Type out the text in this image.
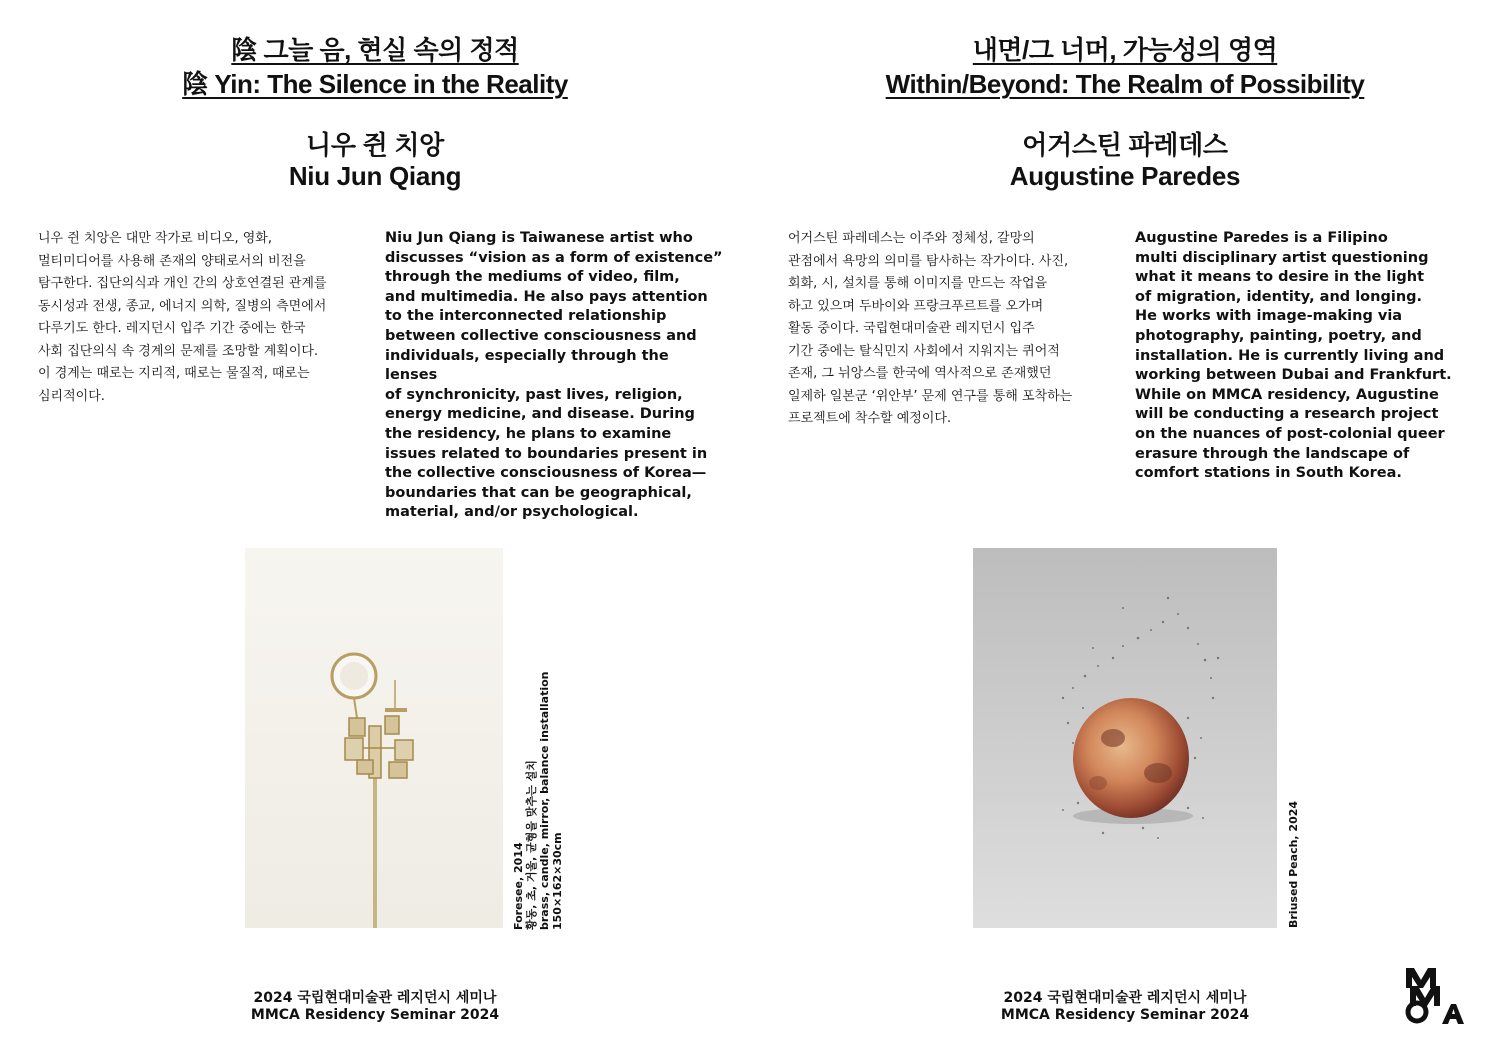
陰 그늘 음, 현실 속의 정적
陰 Yin: The Silence in the Reality
니우 쥔 치앙
Niu Jun Qiang
니우 쥔 치앙은 대만 작가로 비디오, 영화,
멀티미디어를 사용해 존재의 양태로서의 비전을
탐구한다. 집단의식과 개인 간의 상호연결된 관계를
동시성과 전생, 종교, 에너지 의학, 질병의 측면에서
다루기도 한다. 레지던시 입주 기간 중에는 한국
사회 집단의식 속 경계의 문제를 조망할 계획이다.
이 경계는 때로는 지리적, 때로는 물질적, 때로는
심리적이다.
Niu Jun Qiang is Taiwanese artist who
discusses “vision as a form of existence”
through the mediums of video, film,
and multimedia. He also pays attention
to the interconnected relationship
between collective consciousness and
individuals, especially through the lenses
of synchronicity, past lives, religion,
energy medicine, and disease. During
the residency, he plans to examine
issues related to boundaries present in
the collective consciousness of Korea—
boundaries that can be geographical,
material, and/or psychological.
Foresee, 2014 황동, 초, 거울, 균형을 맞추는 설치 brass, candle, mirror, balance installation 150×162×30cm
2024 국립현대미술관 레지던시 세미나
MMCA Residency Seminar 2024
내면/그 너머, 가능성의 영역
Within/Beyond: The Realm of Possibility
어거스틴 파레데스
Augustine Paredes
어거스틴 파레데스는 이주와 정체성, 갈망의
관점에서 욕망의 의미를 탐사하는 작가이다. 사진,
회화, 시, 설치를 통해 이미지를 만드는 작업을
하고 있으며 두바이와 프랑크푸르트를 오가며
활동 중이다. 국립현대미술관 레지던시 입주
기간 중에는 탈식민지 사회에서 지워지는 퀴어적
존재, 그 뉘앙스를 한국에 역사적으로 존재했던
일제하 일본군 ‘위안부’ 문제 연구를 통해 포착하는
프로젝트에 착수할 예정이다.
Augustine Paredes is a Filipino
multi disciplinary artist questioning
what it means to desire in the light
of migration, identity, and longing.
He works with image-making via
photography, painting, poetry, and
installation. He is currently living and
working between Dubai and Frankfurt.
While on MMCA residency, Augustine
will be conducting a research project
on the nuances of post-colonial queer
erasure through the landscape of
comfort stations in South Korea.
Briused Peach, 2024
2024 국립현대미술관 레지던시 세미나
MMCA Residency Seminar 2024
